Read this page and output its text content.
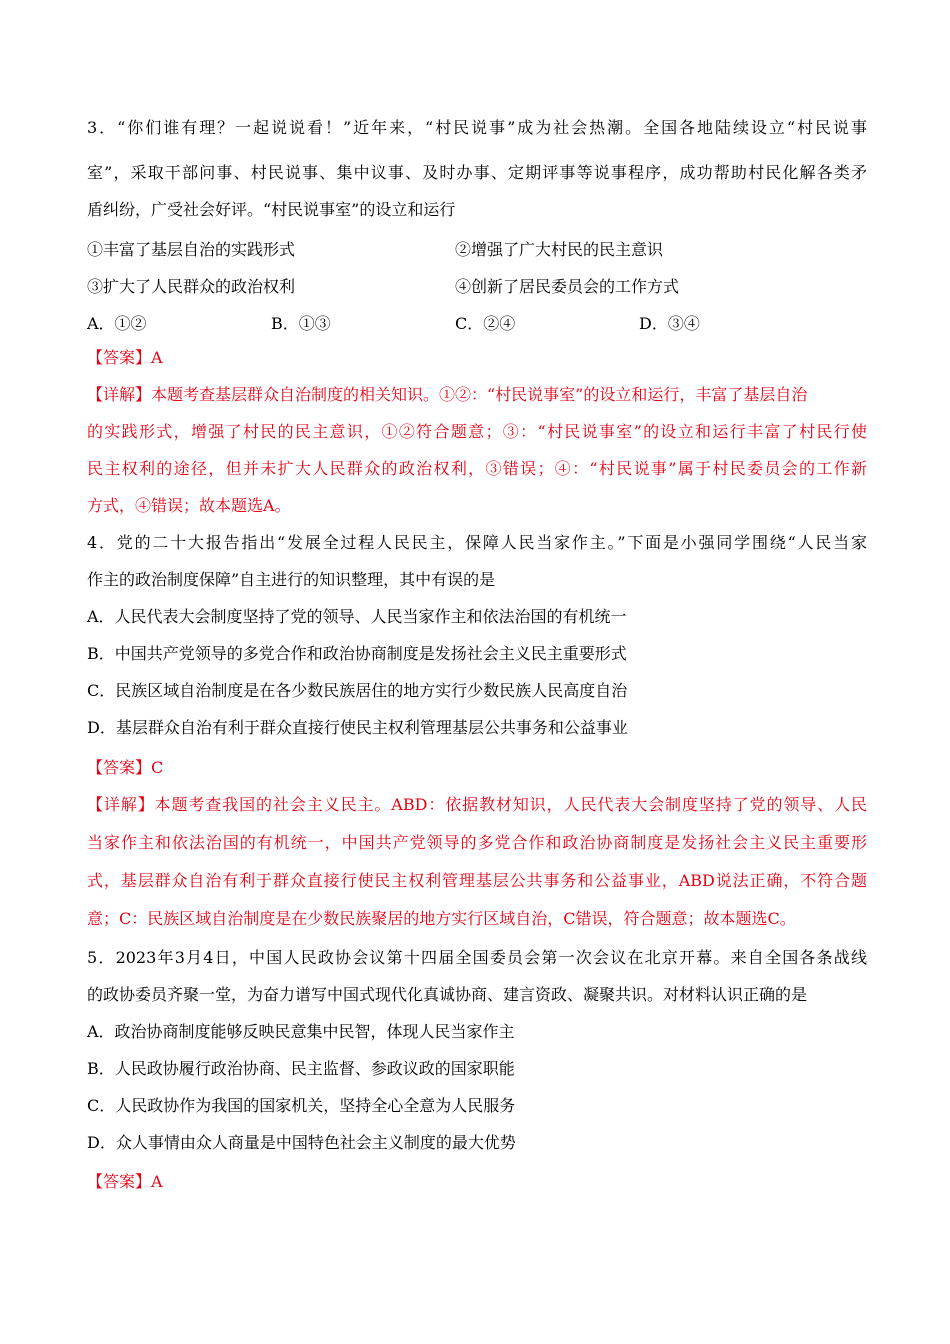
3．“你们谁有理？一起说说看！”近年来，“村民说事”成为社会热潮。全国各地陆续设立“村民说事

室”，采取干部问事、村民说事、集中议事、及时办事、定期评事等说事程序，成功帮助村民化解各类矛

盾纠纷，广受社会好评。“村民说事室”的设立和运行

①丰富了基层自治的实践形式	②增强了广大村民的民主意识
③扩大了人民群众的政治权利	④创新了居民委员会的工作方式
A．①②	B．①③	C．②④	D．③④

【答案】A

【详解】本题考查基层群众自治制度的相关知识。①②：“村民说事室”的设立和运行，丰富了基层自治

的实践形式，增强了村民的民主意识，①②符合题意；③：“村民说事室”的设立和运行丰富了村民行使

民主权利的途径，但并未扩大人民群众的政治权利，③错误；④：“村民说事”属于村民委员会的工作新

方式，④错误；故本题选A。

4．党的二十大报告指出“发展全过程人民民主，保障人民当家作主。”下面是小强同学围绕“人民当家

作主的政治制度保障”自主进行的知识整理，其中有误的是

A．人民代表大会制度坚持了党的领导、人民当家作主和依法治国的有机统一

B．中国共产党领导的多党合作和政治协商制度是发扬社会主义民主重要形式

C．民族区域自治制度是在各少数民族居住的地方实行少数民族人民高度自治

D．基层群众自治有利于群众直接行使民主权利管理基层公共事务和公益事业

【答案】C

【详解】本题考查我国的社会主义民主。ABD：依据教材知识，人民代表大会制度坚持了党的领导、人民

当家作主和依法治国的有机统一，中国共产党领导的多党合作和政治协商制度是发扬社会主义民主重要形

式，基层群众自治有利于群众直接行使民主权利管理基层公共事务和公益事业，ABD说法正确，不符合题

意；C：民族区域自治制度是在少数民族聚居的地方实行区域自治，C错误，符合题意；故本题选C。

5．2023年3月4日，中国人民政协会议第十四届全国委员会第一次会议在北京开幕。来自全国各条战线

的政协委员齐聚一堂，为奋力谱写中国式现代化真诚协商、建言资政、凝聚共识。对材料认识正确的是

A．政治协商制度能够反映民意集中民智，体现人民当家作主

B．人民政协履行政治协商、民主监督、参政议政的国家职能

C．人民政协作为我国的国家机关，坚持全心全意为人民服务

D．众人事情由众人商量是中国特色社会主义制度的最大优势

【答案】A
